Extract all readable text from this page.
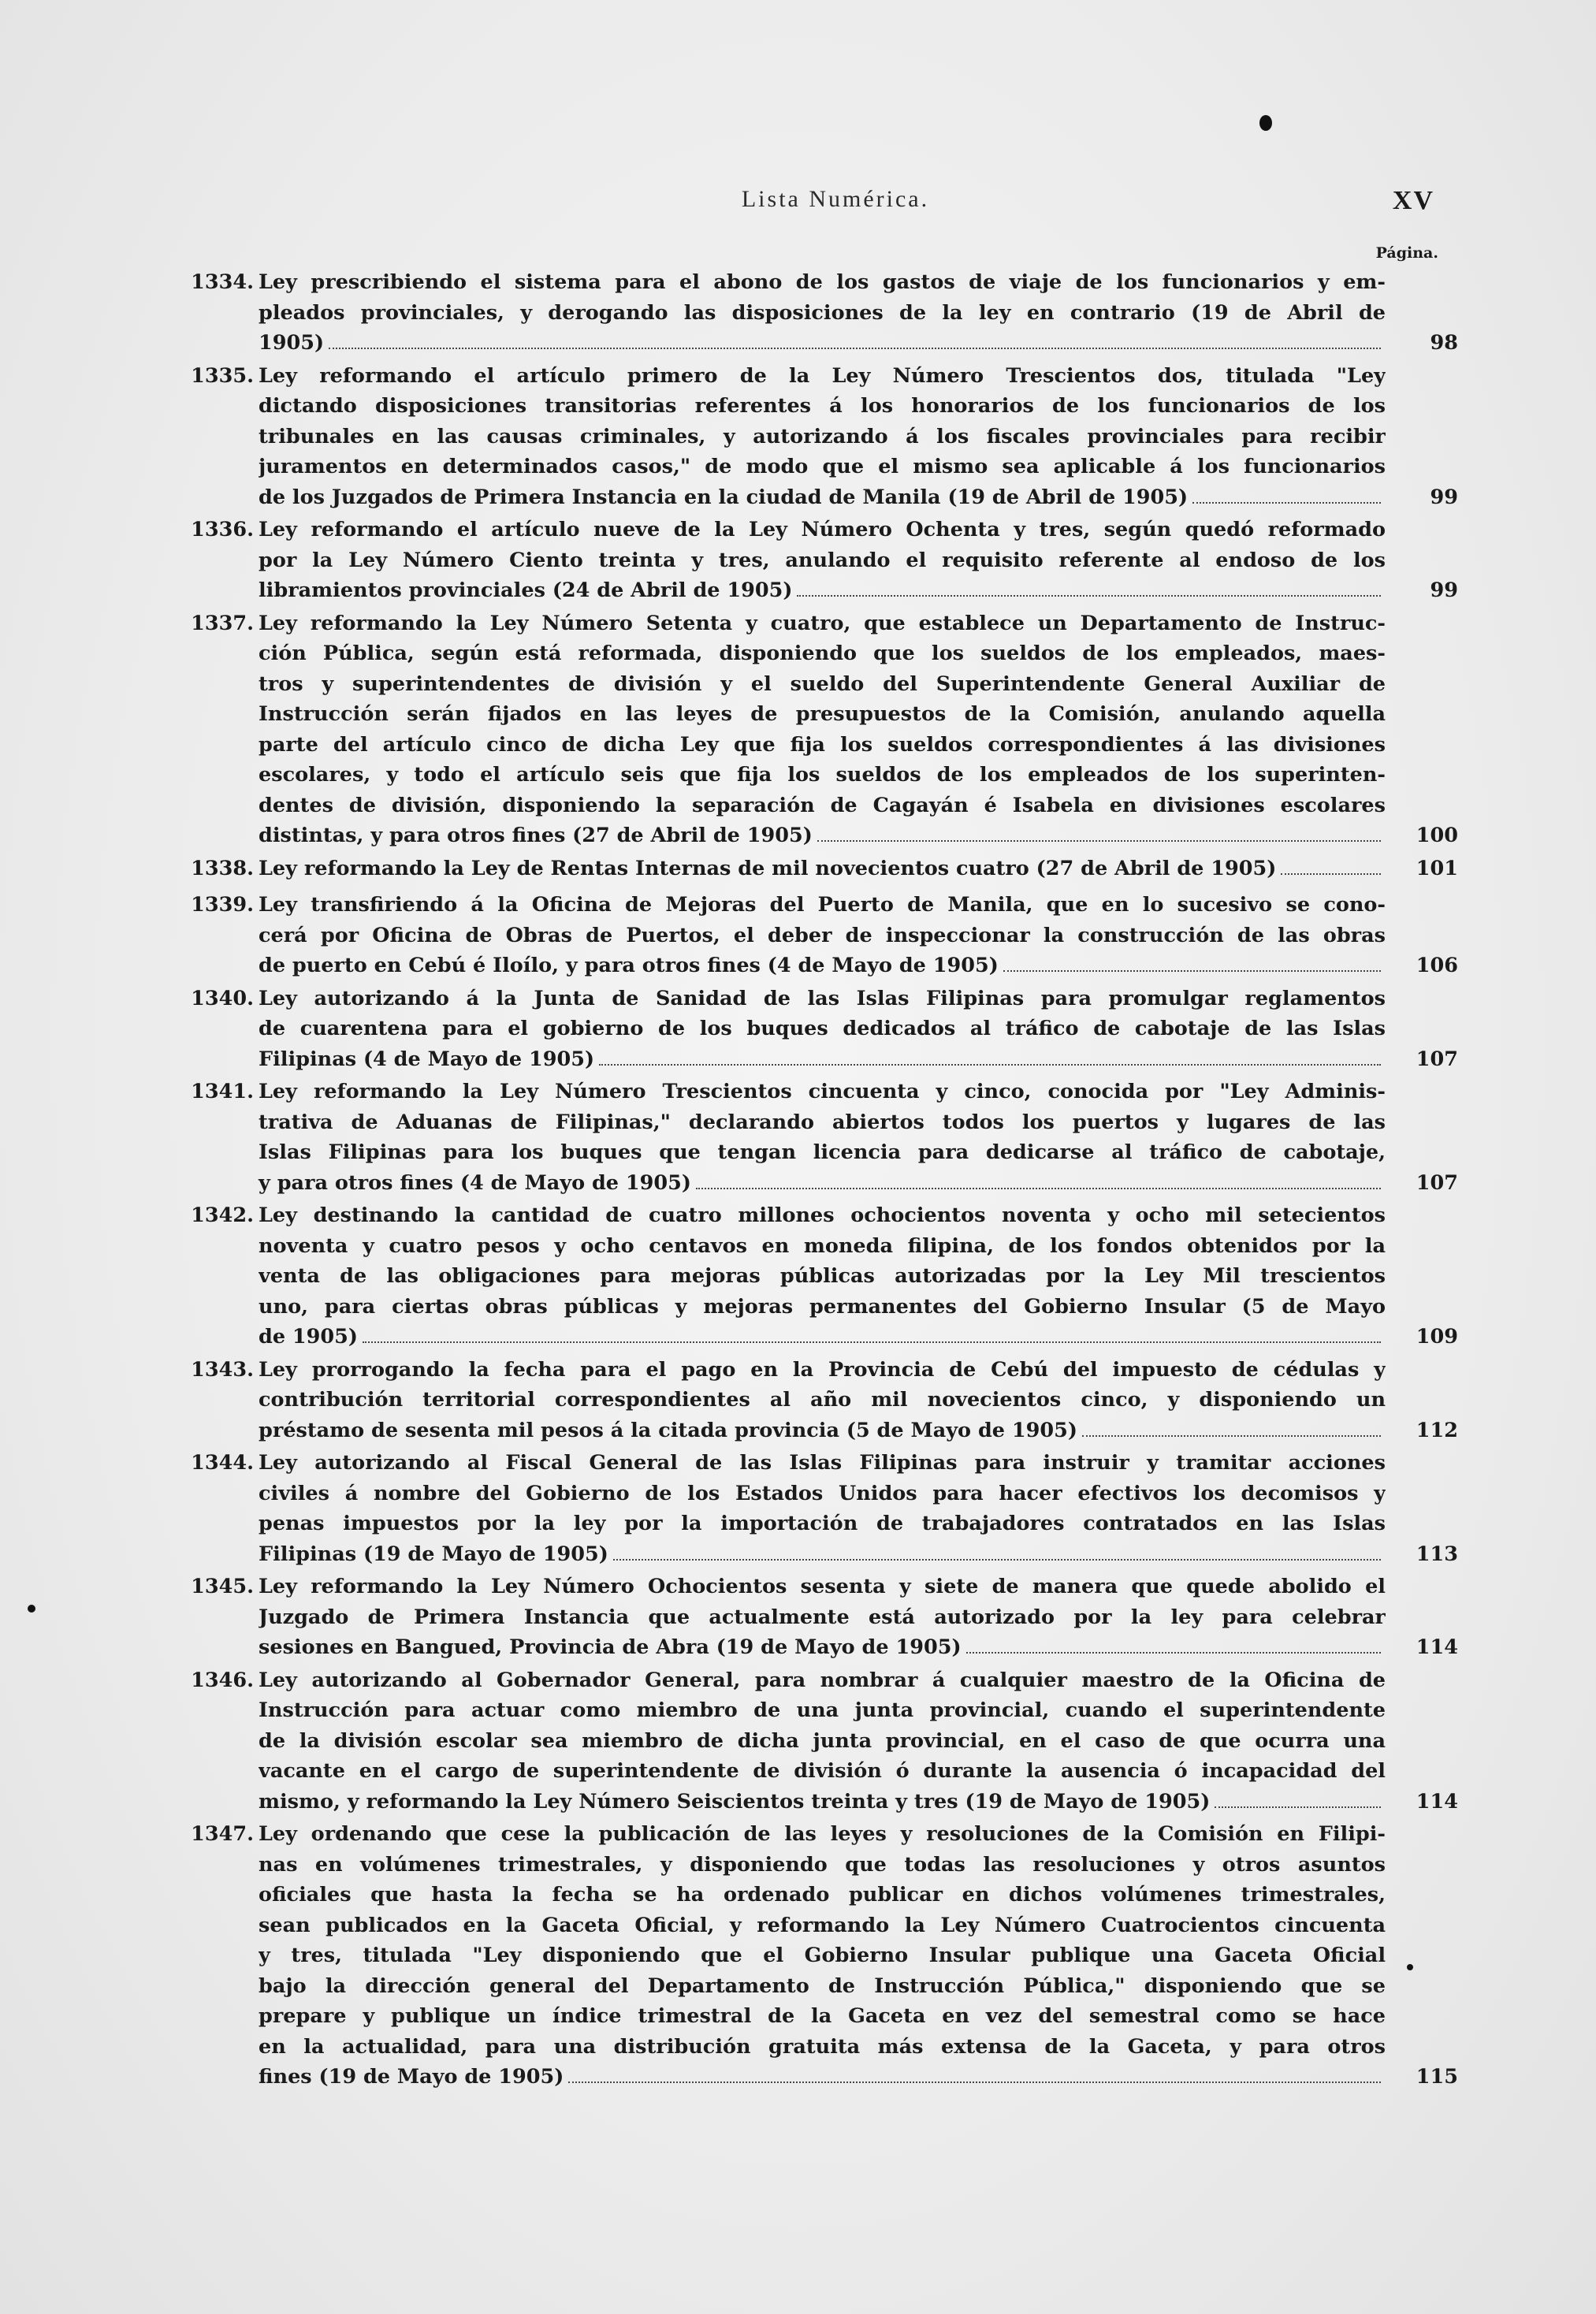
Lista Numérica.	XV
Página.
1334. Ley prescribiendo el sistema para el abono de los gastos de viaje de los funcionarios y em-
pleados provinciales, y derogando las disposiciones de la ley en contrario (19 de Abril de
1905)	98
1335. Ley reformando el artículo primero de la Ley Número Trescientos dos, titulada "Ley
dictando disposiciones transitorias referentes á los honorarios de los funcionarios de los
tribunales en las causas criminales, y autorizando á los fiscales provinciales para recibir
juramentos en determinados casos," de modo que el mismo sea aplicable á los funcionarios
de los Juzgados de Primera Instancia en la ciudad de Manila (19 de Abril de 1905)	99
1336. Ley reformando el artículo nueve de la Ley Número Ochenta y tres, según quedó reformado
por la Ley Número Ciento treinta y tres, anulando el requisito referente al endoso de los
libramientos provinciales (24 de Abril de 1905)	99
1337. Ley reformando la Ley Número Setenta y cuatro, que establece un Departamento de Instruc-
ción Pública, según está reformada, disponiendo que los sueldos de los empleados, maes-
tros y superintendentes de división y el sueldo del Superintendente General Auxiliar de
Instrucción serán fijados en las leyes de presupuestos de la Comisión, anulando aquella
parte del artículo cinco de dicha Ley que fija los sueldos correspondientes á las divisiones
escolares, y todo el artículo seis que fija los sueldos de los empleados de los superinten-
dentes de división, disponiendo la separación de Cagayán é Isabela en divisiones escolares
distintas, y para otros fines (27 de Abril de 1905)	100
1338. Ley reformando la Ley de Rentas Internas de mil novecientos cuatro (27 de Abril de 1905)	101
1339. Ley transfiriendo á la Oficina de Mejoras del Puerto de Manila, que en lo sucesivo se cono-
cerá por Oficina de Obras de Puertos, el deber de inspeccionar la construcción de las obras
de puerto en Cebú é Iloílo, y para otros fines (4 de Mayo de 1905)	106
1340. Ley autorizando á la Junta de Sanidad de las Islas Filipinas para promulgar reglamentos
de cuarentena para el gobierno de los buques dedicados al tráfico de cabotaje de las Islas
Filipinas (4 de Mayo de 1905)	107
1341. Ley reformando la Ley Número Trescientos cincuenta y cinco, conocida por "Ley Adminis-
trativa de Aduanas de Filipinas," declarando abiertos todos los puertos y lugares de las
Islas Filipinas para los buques que tengan licencia para dedicarse al tráfico de cabotaje,
y para otros fines (4 de Mayo de 1905)	107
1342. Ley destinando la cantidad de cuatro millones ochocientos noventa y ocho mil setecientos
noventa y cuatro pesos y ocho centavos en moneda filipina, de los fondos obtenidos por la
venta de las obligaciones para mejoras públicas autorizadas por la Ley Mil trescientos
uno, para ciertas obras públicas y mejoras permanentes del Gobierno Insular (5 de Mayo
de 1905)	109
1343. Ley prorrogando la fecha para el pago en la Provincia de Cebú del impuesto de cédulas y
contribución territorial correspondientes al año mil novecientos cinco, y disponiendo un
préstamo de sesenta mil pesos á la citada provincia (5 de Mayo de 1905)	112
1344. Ley autorizando al Fiscal General de las Islas Filipinas para instruir y tramitar acciones
civiles á nombre del Gobierno de los Estados Unidos para hacer efectivos los decomisos y
penas impuestos por la ley por la importación de trabajadores contratados en las Islas
Filipinas (19 de Mayo de 1905)	113
1345. Ley reformando la Ley Número Ochocientos sesenta y siete de manera que quede abolido el
Juzgado de Primera Instancia que actualmente está autorizado por la ley para celebrar
sesiones en Bangued, Provincia de Abra (19 de Mayo de 1905)	114
1346. Ley autorizando al Gobernador General, para nombrar á cualquier maestro de la Oficina de
Instrucción para actuar como miembro de una junta provincial, cuando el superintendente
de la división escolar sea miembro de dicha junta provincial, en el caso de que ocurra una
vacante en el cargo de superintendente de división ó durante la ausencia ó incapacidad del
mismo, y reformando la Ley Número Seiscientos treinta y tres (19 de Mayo de 1905)	114
1347. Ley ordenando que cese la publicación de las leyes y resoluciones de la Comisión en Filipi-
nas en volúmenes trimestrales, y disponiendo que todas las resoluciones y otros asuntos
oficiales que hasta la fecha se ha ordenado publicar en dichos volúmenes trimestrales,
sean publicados en la Gaceta Oficial, y reformando la Ley Número Cuatrocientos cincuenta
y tres, titulada "Ley disponiendo que el Gobierno Insular publique una Gaceta Oficial
bajo la dirección general del Departamento de Instrucción Pública," disponiendo que se
prepare y publique un índice trimestral de la Gaceta en vez del semestral como se hace
en la actualidad, para una distribución gratuita más extensa de la Gaceta, y para otros
fines (19 de Mayo de 1905)	115
